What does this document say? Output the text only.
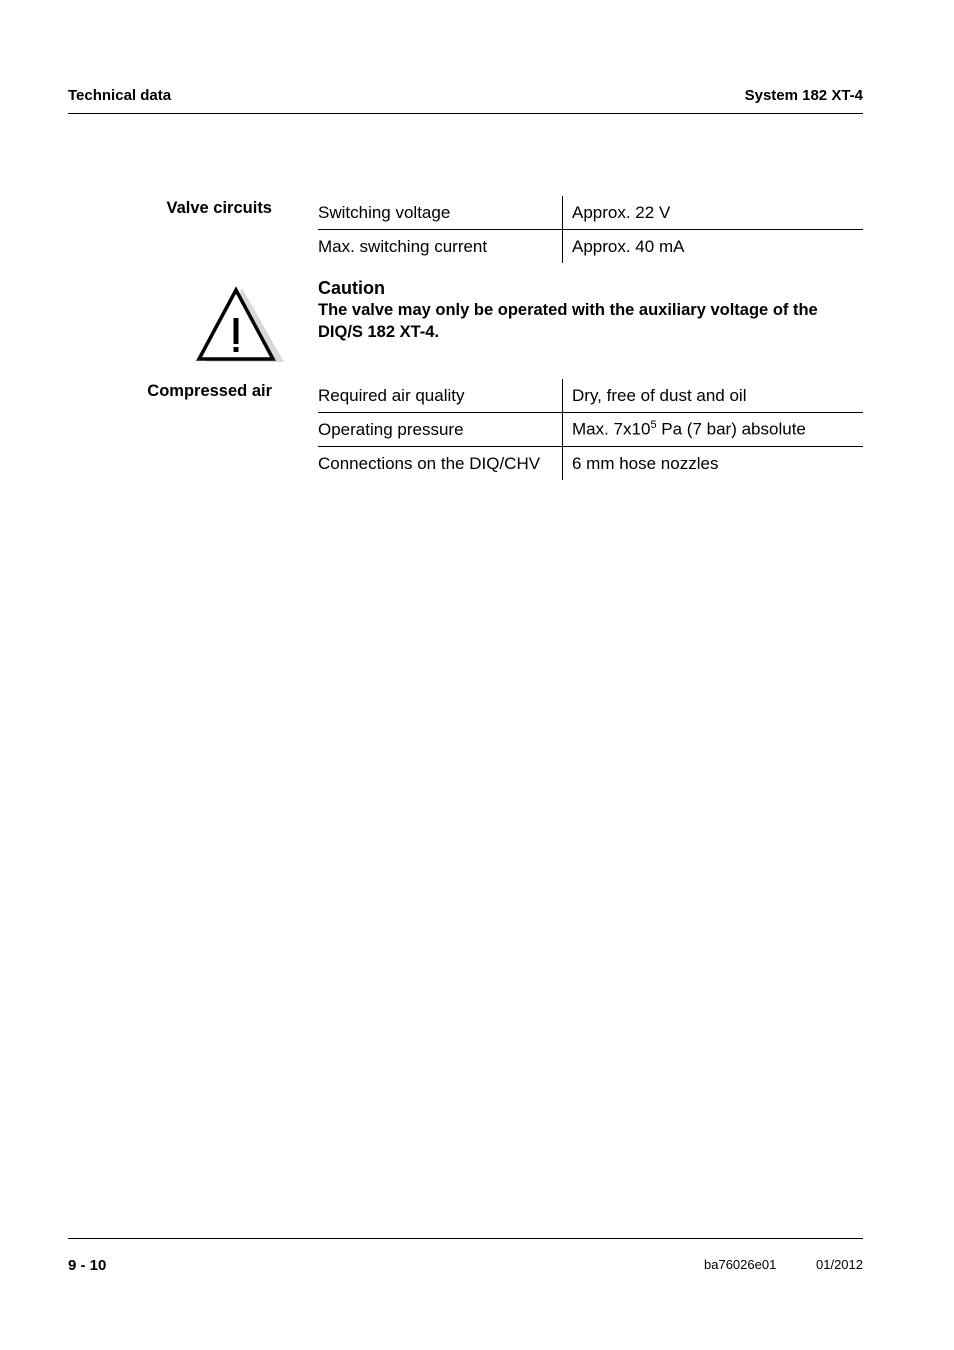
Technical data	System 182 XT-4
Valve circuits	Switching voltage	Approx. 22 V
Max. switching current	Approx. 40 mA
Caution
The valve may only be operated with the auxiliary voltage of the DIQ/S 182 XT-4.
Compressed air	Required air quality	Dry, free of dust and oil
Operating pressure	Max. $7x10^5$ Pa (7 bar) absolute
Connections on the DIQ/CHV	6 mm hose nozzles
9 - 10	ba76026e01	01/2012
